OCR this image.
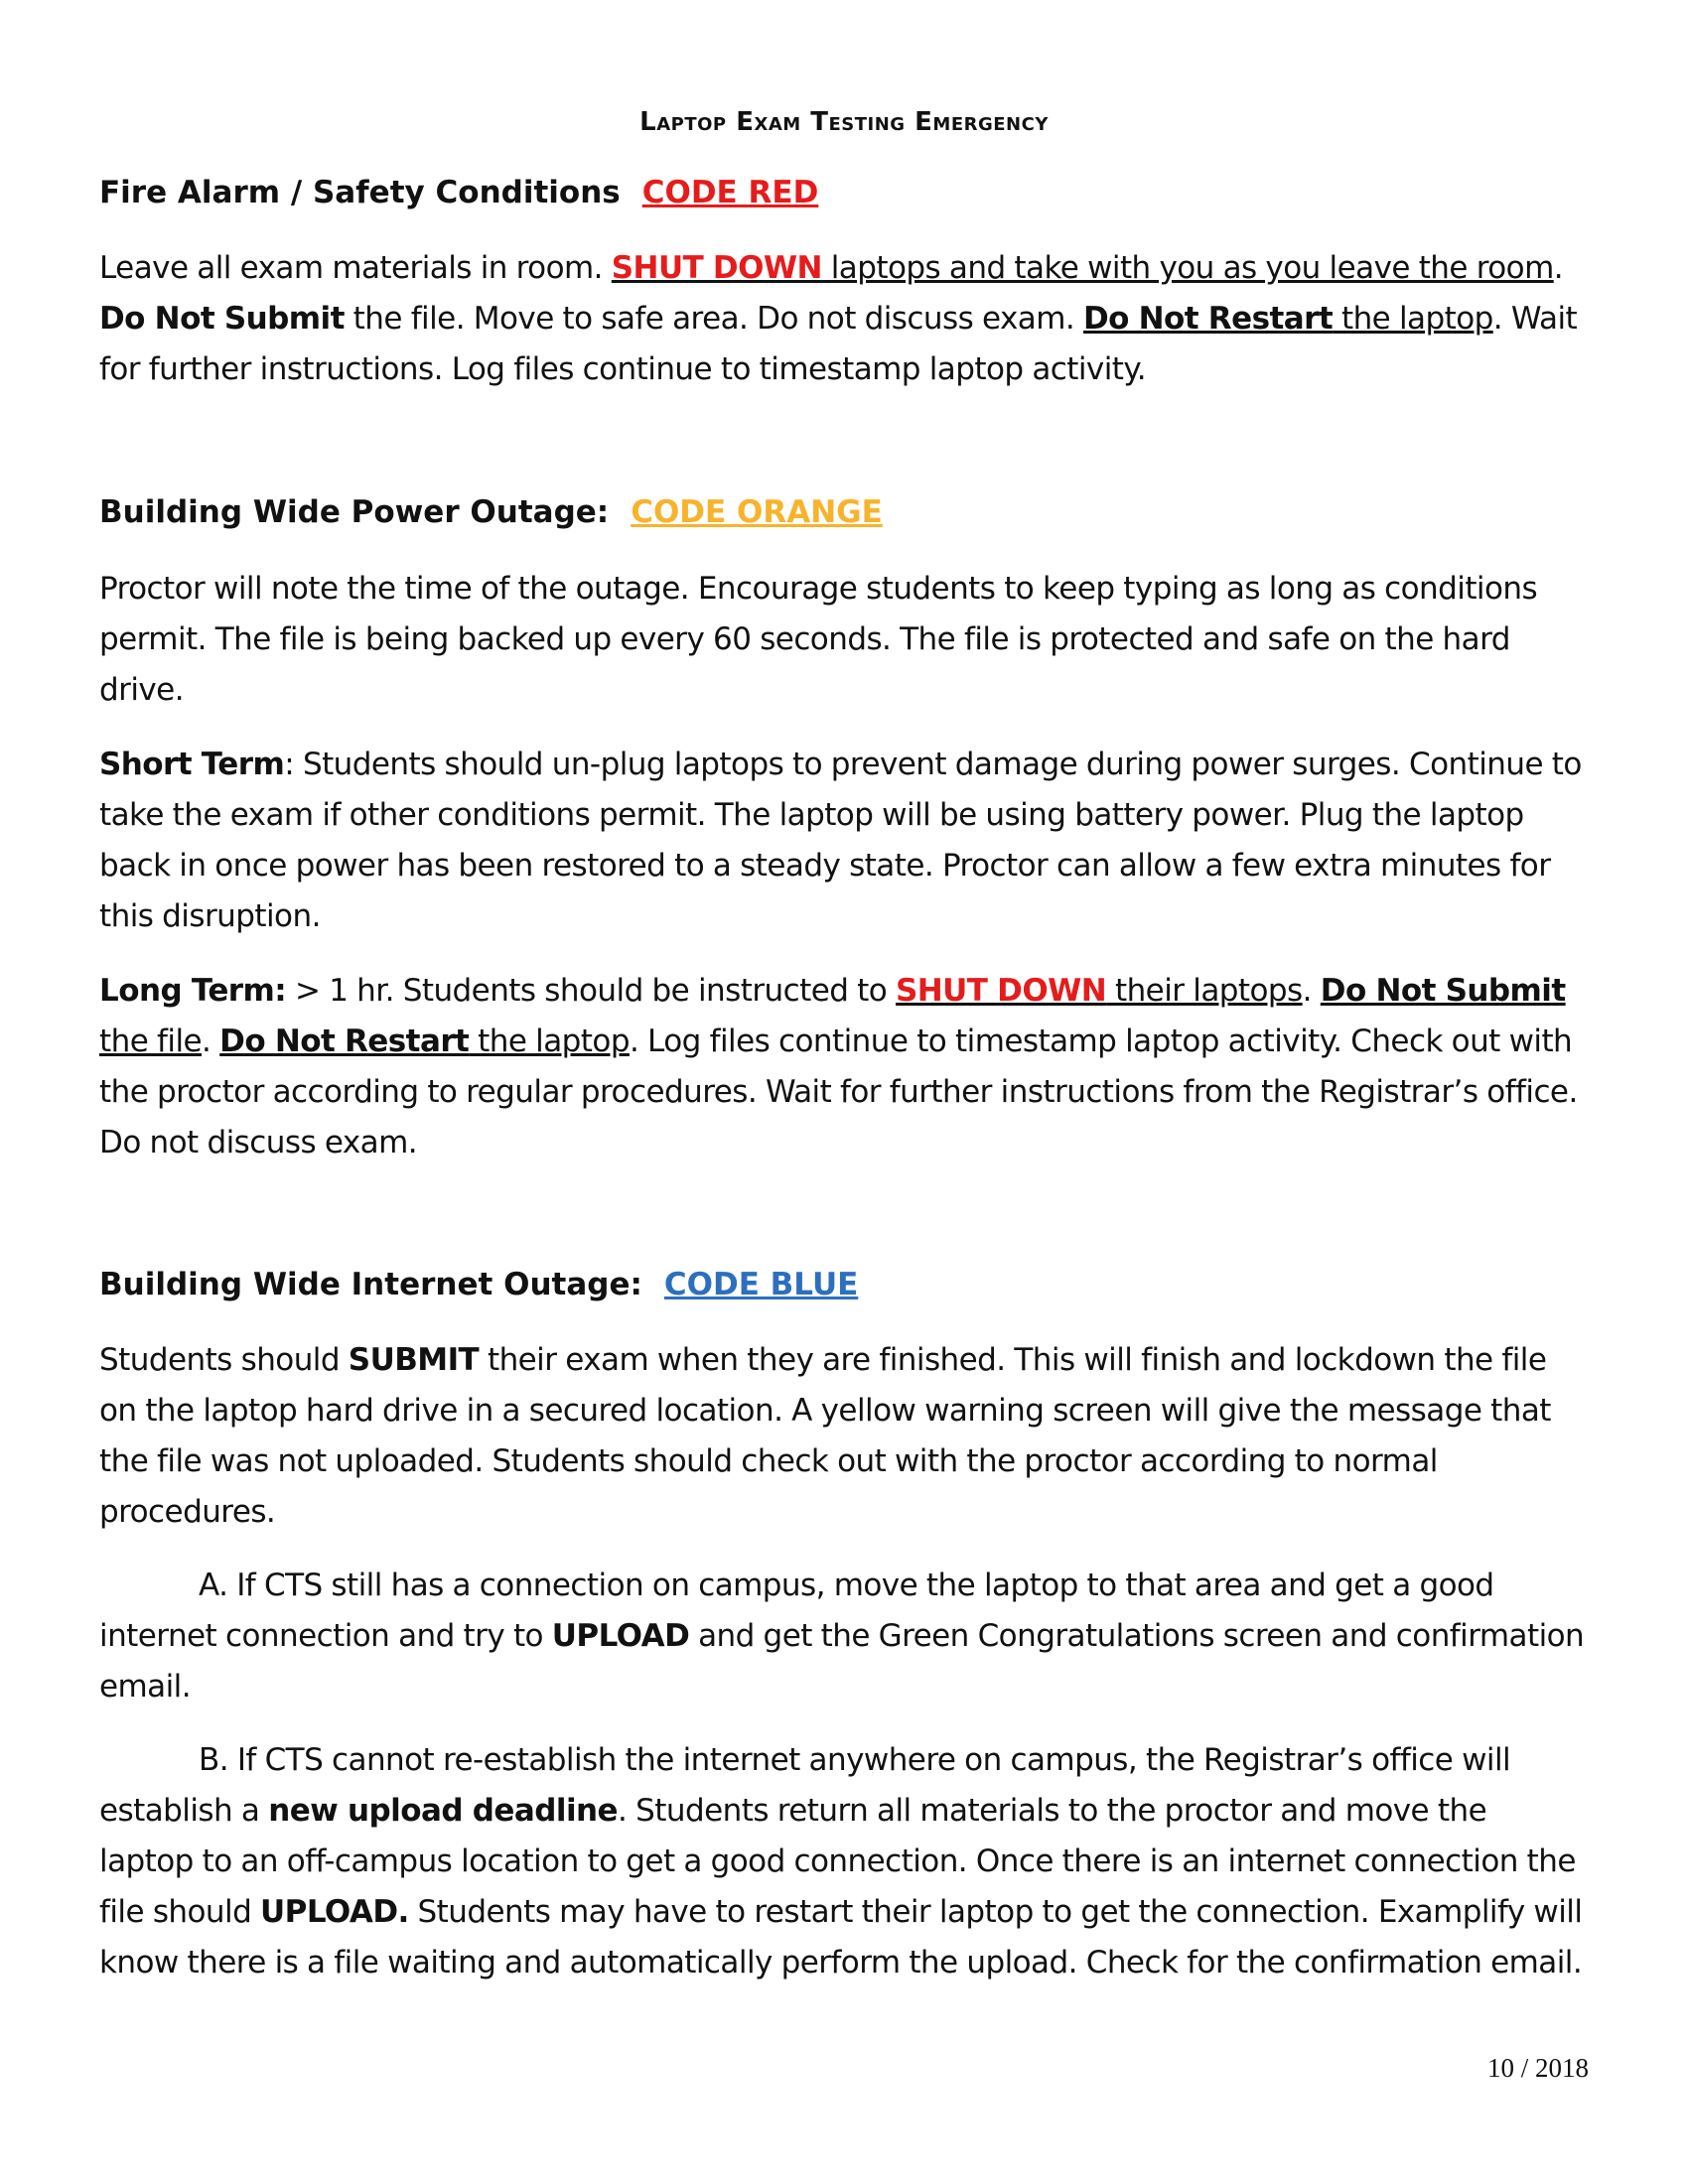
Laptop Exam Testing Emergency

Fire Alarm / Safety Conditions CODE RED

Leave all exam materials in room. SHUT DOWN laptops and take with you as you leave the room. Do Not Submit the file. Move to safe area. Do not discuss exam. Do Not Restart the laptop. Wait for further instructions. Log files continue to timestamp laptop activity.

Building Wide Power Outage: CODE ORANGE

Proctor will note the time of the outage. Encourage students to keep typing as long as conditions permit. The file is being backed up every 60 seconds. The file is protected and safe on the hard drive.

Short Term: Students should un-plug laptops to prevent damage during power surges. Continue to take the exam if other conditions permit. The laptop will be using battery power. Plug the laptop back in once power has been restored to a steady state. Proctor can allow a few extra minutes for this disruption.

Long Term: > 1 hr. Students should be instructed to SHUT DOWN their laptops. Do Not Submit the file. Do Not Restart the laptop. Log files continue to timestamp laptop activity. Check out with the proctor according to regular procedures. Wait for further instructions from the Registrar’s office. Do not discuss exam.

Building Wide Internet Outage: CODE BLUE

Students should SUBMIT their exam when they are finished. This will finish and lockdown the file on the laptop hard drive in a secured location. A yellow warning screen will give the message that the file was not uploaded. Students should check out with the proctor according to normal procedures.

A. If CTS still has a connection on campus, move the laptop to that area and get a good internet connection and try to UPLOAD and get the Green Congratulations screen and confirmation email.

B. If CTS cannot re-establish the internet anywhere on campus, the Registrar’s office will establish a new upload deadline. Students return all materials to the proctor and move the laptop to an off-campus location to get a good connection. Once there is an internet connection the file should UPLOAD. Students may have to restart their laptop to get the connection. Examplify will know there is a file waiting and automatically perform the upload. Check for the confirmation email.

10 / 2018
